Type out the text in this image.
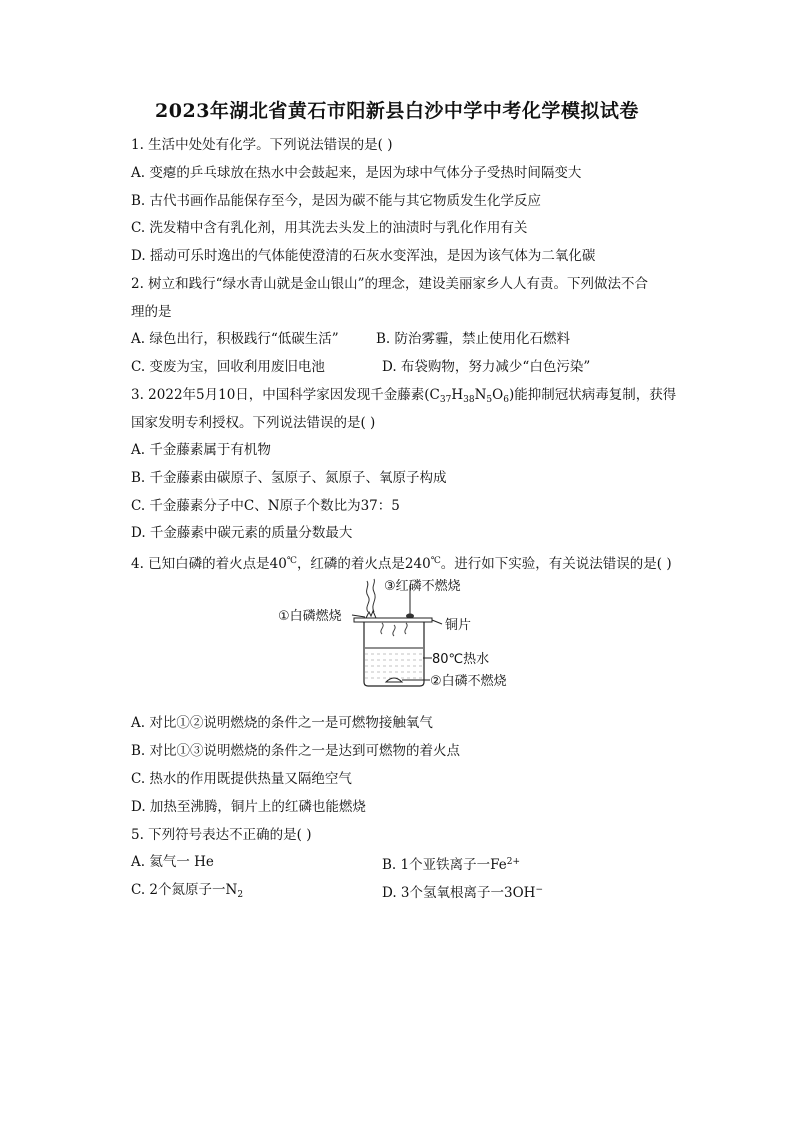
2023年湖北省黄石市阳新县白沙中学中考化学模拟试卷
1. 生活中处处有化学。下列说法错误的是( )
A. 变瘪的乒乓球放在热水中会鼓起来，是因为球中气体分子受热时间隔变大
B. 古代书画作品能保存至今，是因为碳不能与其它物质发生化学反应
C. 洗发精中含有乳化剂，用其洗去头发上的油渍时与乳化作用有关
D. 摇动可乐时逸出的气体能使澄清的石灰水变浑浊，是因为该气体为二氧化碳
2. 树立和践行“绿水青山就是金山银山”的理念，建设美丽家乡人人有责。下列做法不合
理的是
A. 绿色出行，积极践行“低碳生活”	B. 防治雾霾，禁止使用化石燃料
C. 变废为宝，回收利用废旧电池	D. 布袋购物，努力减少“白色污染”
3. 2022年5月10日，中国科学家因发现千金藤素$(C_{37}H_{38}N_5O_6)$能抑制冠状病毒复制，获得
国家发明专利授权。下列说法错误的是( )
A. 千金藤素属于有机物
B. 千金藤素由碳原子、氢原子、氮原子、氧原子构成
C. 千金藤素分子中C、N原子个数比为37：5
D. 千金藤素中碳元素的质量分数最大
4. 已知白磷的着火点是40℃，红磷的着火点是240℃。进行如下实验，有关说法错误的是( )
③红磷不燃烧
①白磷燃烧
铜片
80℃热水
②白磷不燃烧
A. 对比①②说明燃烧的条件之一是可燃物接触氧气
B. 对比①③说明燃烧的条件之一是达到可燃物的着火点
C. 热水的作用既提供热量又隔绝空气
D. 加热至沸腾，铜片上的红磷也能燃烧
5. 下列符号表达不正确的是( )
A. 氦气一 He	B. 1个亚铁离子一$Fe^{2+}$
C. 2个氮原子一$N_2$	D. 3个氢氧根离子一3OH−
